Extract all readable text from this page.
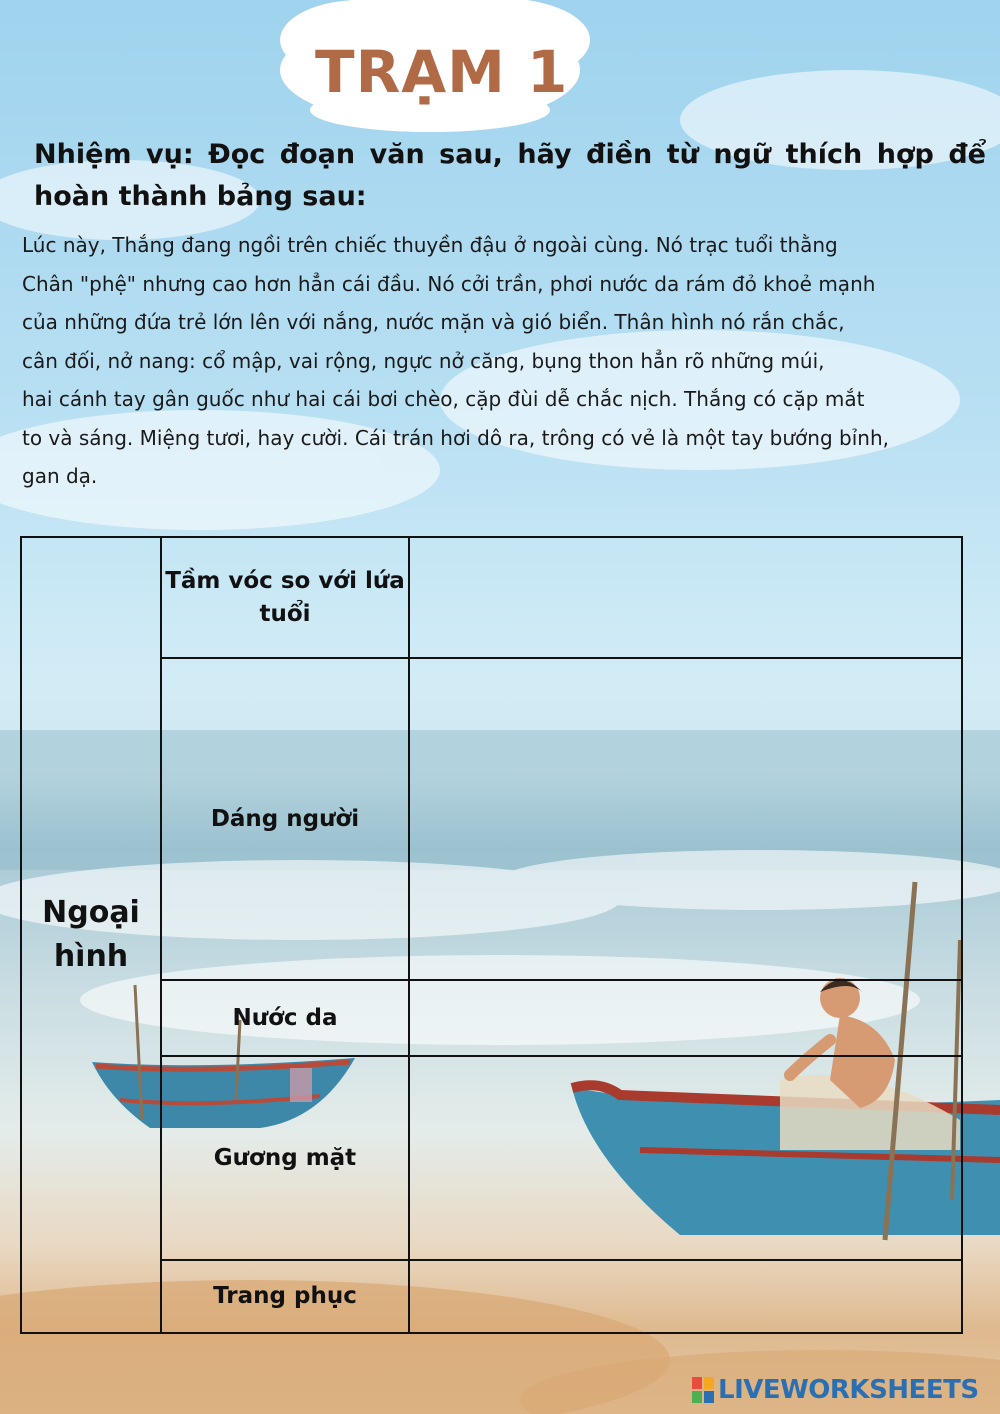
TRẠM 1
Nhiệm vụ: Đọc đoạn văn sau, hãy điền từ ngữ thích hợp để hoàn thành bảng sau:
Lúc này, Thắng đang ngồi trên chiếc thuyền đậu ở ngoài cùng. Nó trạc tuổi thằng
Chân "phệ" nhưng cao hơn hẳn cái đầu. Nó cởi trần, phơi nước da rám đỏ khoẻ mạnh
của những đứa trẻ lớn lên với nắng, nước mặn và gió biển. Thân hình nó rắn chắc,
cân đối, nở nang: cổ mập, vai rộng, ngực nở căng, bụng thon hẳn rõ những múi,
hai cánh tay gân guốc như hai cái bơi chèo, cặp đùi dễ chắc nịch. Thắng có cặp mắt
to và sáng. Miệng tươi, hay cười. Cái trán hơi dô ra, trông có vẻ là một tay bướng bỉnh,
gan dạ.
Ngoại hình	Tầm vóc so với lứa tuổi	
	Dáng người	
	Nước da	
	Gương mặt	
	Trang phục	
LIVEWORKSHEETS
